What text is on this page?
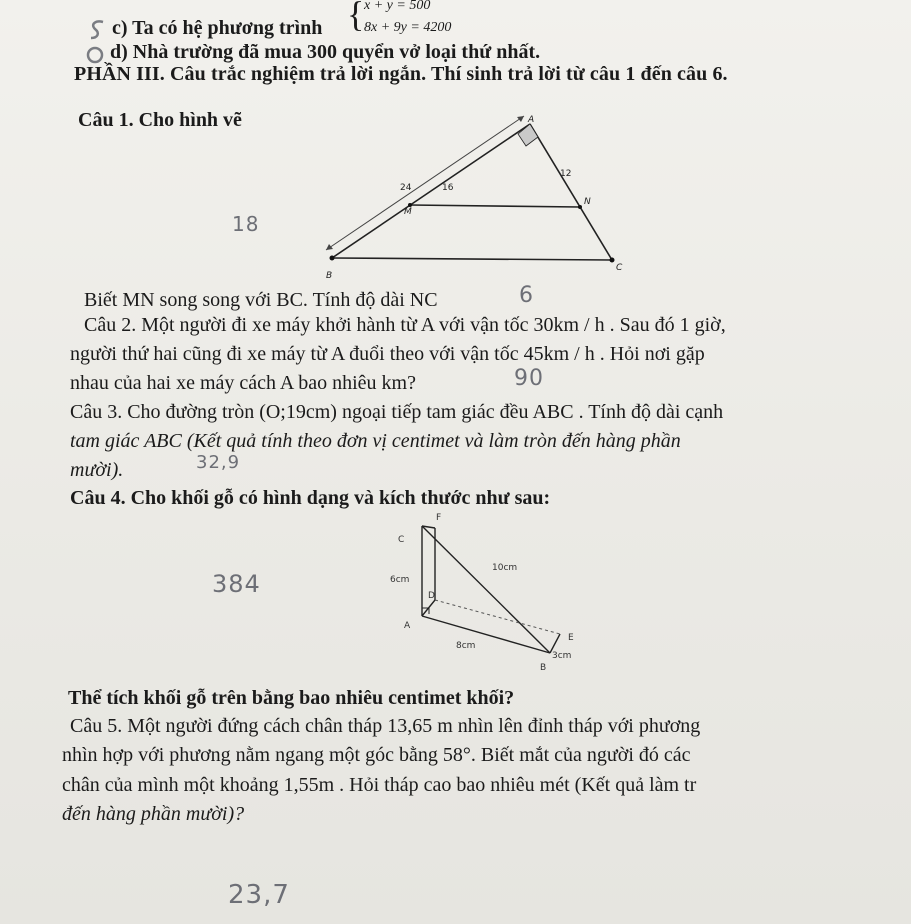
c) Ta có hệ phương trình { x + y = 500
8x + 9y = 4200
d) Nhà trường đã mua 300 quyển vở loại thứ nhất.
PHẦN III. Câu trắc nghiệm trả lời ngắn. Thí sinh trả lời từ câu 1 đến câu 6.
Câu 1. Cho hình vẽ
18
A
B
C
M
N
24	16
12
Biết MN song song với BC. Tính độ dài NC	6
Câu 2. Một người đi xe máy khởi hành từ A với vận tốc 30km / h . Sau đó 1 giờ,
người thứ hai cũng đi xe máy từ A đuổi theo với vận tốc 45km / h . Hỏi nơi gặp
nhau của hai xe máy cách A bao nhiêu km?	90
Câu 3. Cho đường tròn (O;19cm) ngoại tiếp tam giác đều ABC . Tính độ dài cạnh
tam giác ABC (Kết quả tính theo đơn vị centimet và làm tròn đến hàng phần
mười).	32,9
Câu 4. Cho khối gỗ có hình dạng và kích thước như sau:
384
F
C
D
A
E
B
10cm
6cm
8cm
3cm
Thể tích khối gỗ trên bằng bao nhiêu centimet khối?
Câu 5. Một người đứng cách chân tháp 13,65 m nhìn lên đỉnh tháp với phương
nhìn hợp với phương nằm ngang một góc bằng 58°. Biết mắt của người đó các
chân của mình một khoảng 1,55m . Hỏi tháp cao bao nhiêu mét (Kết quả làm tr
đến hàng phần mười)?
23,7
